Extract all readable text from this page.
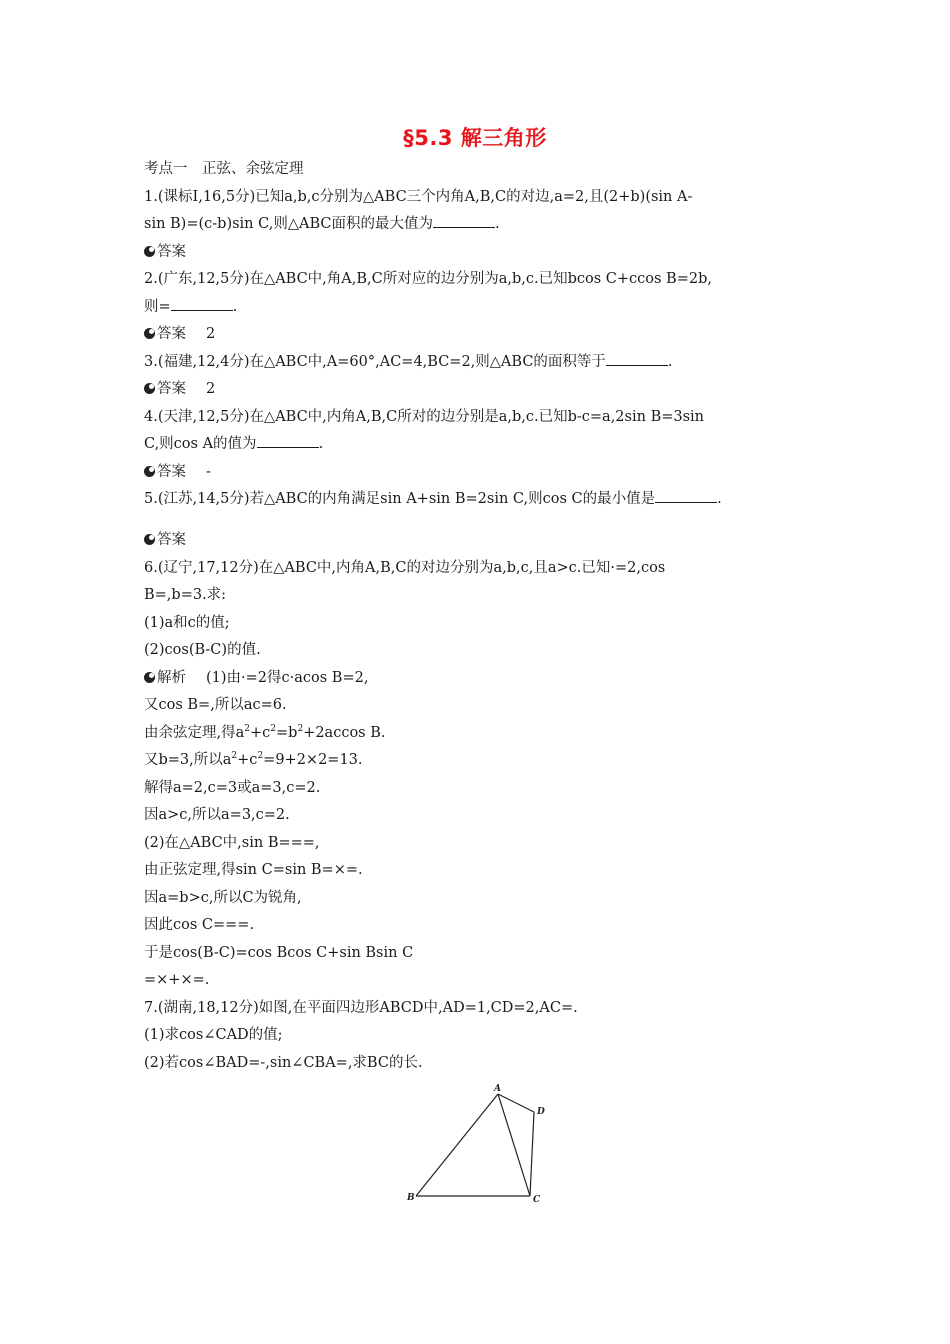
§5.3 解三角形
考点一　正弦、余弦定理
1.(课标Ⅰ,16,5分)已知a,b,c分别为△ABC三个内角A,B,C的对边,a=2,且(2+b)(sin A-
sin B)=(c-b)sin C,则△ABC面积的最大值为	.
答案
2.(广东,12,5分)在△ABC中,角A,B,C所对应的边分别为a,b,c.已知bcos C+ccos B=2b,
则=	.
答案 2
3.(福建,12,4分)在△ABC中,A=60°,AC=4,BC=2,则△ABC的面积等于	.
答案 2
4.(天津,12,5分)在△ABC中,内角A,B,C所对的边分别是a,b,c.已知b-c=a,2sin B=3sin
C,则cos A的值为	.
答案 -
5.(江苏,14,5分)若△ABC的内角满足sin A+sin B=2sin C,则cos C的最小值是	.
答案
6.(辽宁,17,12分)在△ABC中,内角A,B,C的对边分别为a,b,c,且a>c.已知·=2,cos
B=,b=3.求:
(1)a和c的值;
(2)cos(B-C)的值.
解析 (1)由·=2得c·acos B=2,
又cos B=,所以ac=6.
由余弦定理,得$a^2+c^2=b^2+2accos$ B.
又b=3,所以$a^2+c^2=9+2\times 2=13$.
解得a=2,c=3或a=3,c=2.
因a>c,所以a=3,c=2.
(2)在△ABC中,sin B===,
由正弦定理,得sin C=sin B=×=.
因a=b>c,所以C为锐角,
因此cos C===.
于是cos(B-C)=cos Bcos C+sin Bsin C
=×+×=.
7.(湖南,18,12分)如图,在平面四边形ABCD中,AD=1,CD=2,AC=.
(1)求cos∠CAD的值;
(2)若cos∠BAD=-,sin∠CBA=,求BC的长.
A
B	C
D
